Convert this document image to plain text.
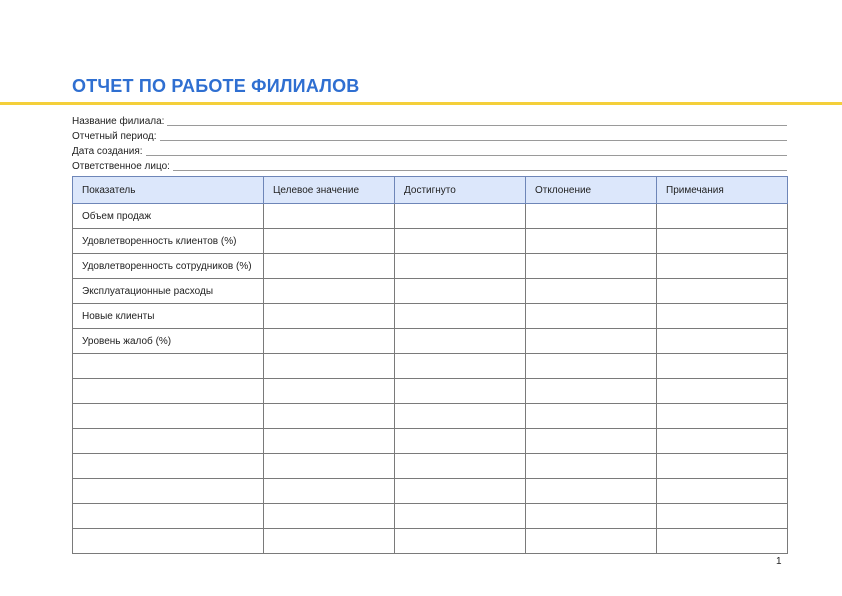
ОТЧЕТ ПО РАБОТЕ ФИЛИАЛОВ
Название филиала:
Отчетный период:
Дата создания:
Ответственное лицо:
Показатель	Целевое значение	Достигнуто	Отклонение	Примечания
Объем продаж				
Удовлетворенность клиентов (%)				
Удовлетворенность сотрудников (%)				
Эксплуатационные расходы				
Новые клиенты				
Уровень жалоб (%)				

1
